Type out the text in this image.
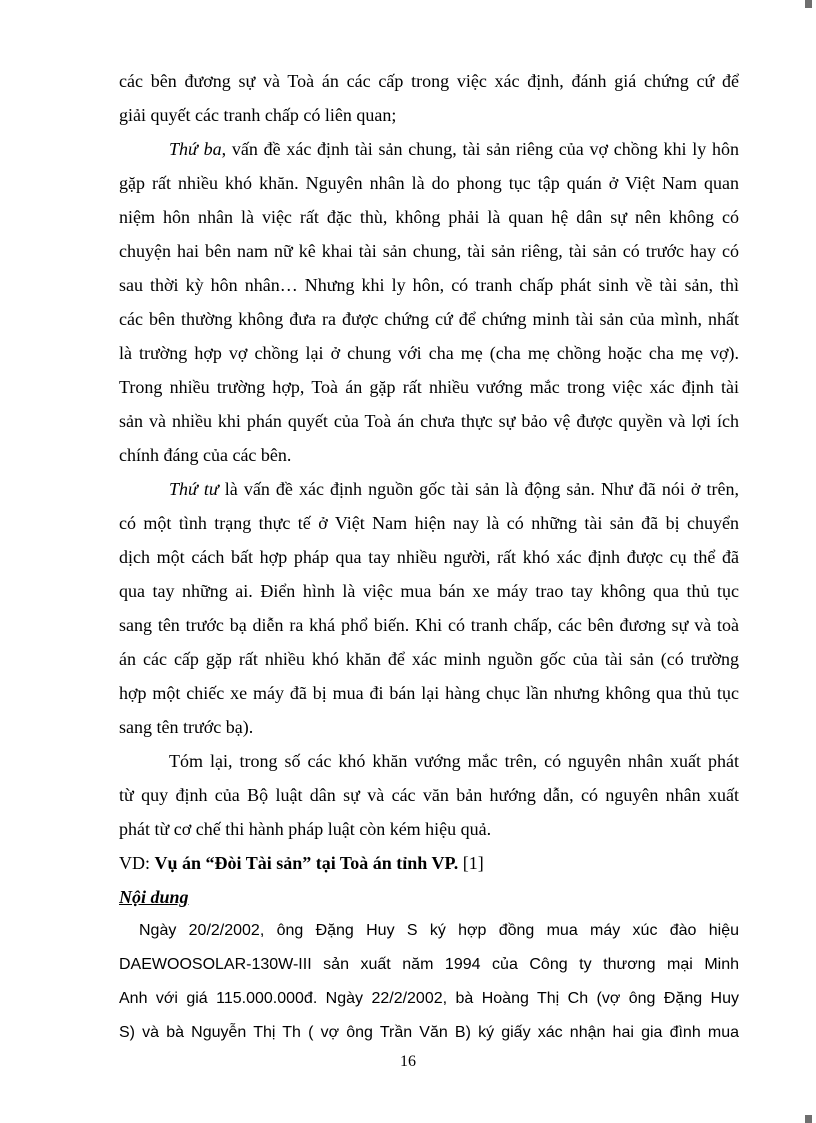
các bên đương sự và Toà án các cấp trong việc xác định, đánh giá chứng cứ để
giải quyết các tranh chấp có liên quan;
Thứ ba, vấn đề xác định tài sản chung, tài sản riêng của vợ chồng khi ly hôn
gặp rất nhiều khó khăn. Nguyên nhân là do phong tục tập quán ở Việt Nam quan
niệm hôn nhân là việc rất đặc thù, không phải là quan hệ dân sự nên không có
chuyện hai bên nam nữ kê khai tài sản chung, tài sản riêng, tài sản có trước hay có
sau thời kỳ hôn nhân… Nhưng khi ly hôn, có tranh chấp phát sinh về tài sản, thì
các bên thường không đưa ra được chứng cứ để chứng minh tài sản của mình, nhất
là trường hợp vợ chồng lại ở chung với cha mẹ (cha mẹ chồng hoặc cha mẹ vợ).
Trong nhiều trường hợp, Toà án gặp rất nhiều vướng mắc trong việc xác định tài
sản và nhiều khi phán quyết của Toà án chưa thực sự bảo vệ được quyền và lợi ích
chính đáng của các bên.
Thứ tư là vấn đề xác định nguồn gốc tài sản là động sản. Như đã nói ở trên,
có một tình trạng thực tế ở Việt Nam hiện nay là có những tài sản đã bị chuyển
dịch một cách bất hợp pháp qua tay nhiều người, rất khó xác định được cụ thể đã
qua tay những ai. Điển hình là việc mua bán xe máy trao tay không qua thủ tục
sang tên trước bạ diễn ra khá phổ biến. Khi có tranh chấp, các bên đương sự và toà
án các cấp gặp rất nhiều khó khăn để xác minh nguồn gốc của tài sản (có trường
hợp một chiếc xe máy đã bị mua đi bán lại hàng chục lần nhưng không qua thủ tục
sang tên trước bạ).
Tóm lại, trong số các khó khăn vướng mắc trên, có nguyên nhân xuất phát
từ quy định của Bộ luật dân sự và các văn bản hướng dẫn, có nguyên nhân xuất
phát từ cơ chế thi hành pháp luật còn kém hiệu quả.
VD: Vụ án “Đòi Tài sản” tại Toà án tỉnh VP. [1]
Nội dung
Ngày 20/2/2002, ông Đặng Huy S ký hợp đồng mua máy xúc đào hiệu
DAEWOOSOLAR-130W-III sản xuất năm 1994 của Công ty thương mại Minh
Anh với giá 115.000.000đ. Ngày 22/2/2002, bà Hoàng Thị Ch (vợ ông Đặng Huy
S) và bà Nguyễn Thị Th ( vợ ông Trần Văn B) ký giấy xác nhận hai gia đình mua
16
